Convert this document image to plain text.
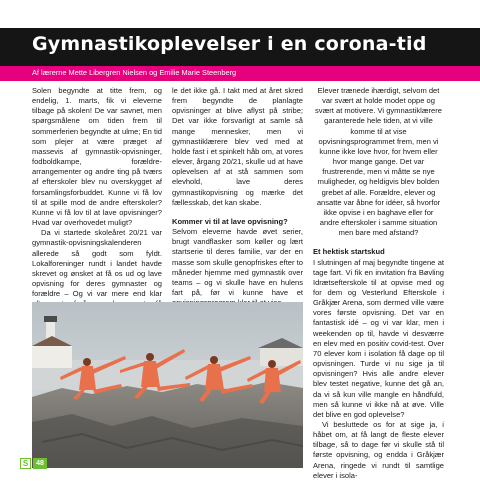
Gymnastikoplevelser i en corona-tid
Af lærerne Mette Libergren Nielsen og Emilie Marie Steenberg

Solen begyndte at titte frem, og endelig, 1. marts, fik vi eleverne tilbage på skolen! De var savnet, men spørgsmålene om tiden frem til sommerferien begyndte at ulme; En tid som plejer at være præget af massevis af gymnastik-opvisninger, fodboldkampe, forældre-arrangementer og andre ting på tværs af efterskoler blev nu overskygget af forsamlingsforbuddet. Kunne vi få lov til at spille mod de andre efterskoler? Kunne vi få lov til at lave opvisninger? Hvad var overhovedet muligt?

Da vi startede skoleåret 20/21 var gymnastik-opvisningskalenderen allerede så godt som fyldt. Lokalforeninger rundt i landet havde skrevet og ønsket at få os ud og lave opvisning for deres gymnaster og forældre – Og vi var mere end klar

le det ikke gå. I takt med at året skred frem begyndte de planlagte opvisninger at blive aflyst på stribe; Det var ikke forsvarligt at samle så mange mennesker, men vi gymnastiklærere blev ved med at holde fast i et spinkelt håb om, at vores elever, årgang 20/21, skulle ud at have oplevelsen af at stå sammen som elevhold, lave deres gymnastikopvisning og mærke det fællesskab, det kan skabe.

Kommer vi til at lave opvisning?

Selvom eleverne havde øvet serier, brugt vandflasker som køller og lært startserie til deres familie, var der en masse som skulle genopfriskes efter to måneder hjemme med gymnastik over teams – og vi skulle have en hulens fart på, før vi kunne have et

Elever trænede ihærdigt, selvom det var svært at holde modet oppe og svært at motivere. Vi gymnastiklærere garanterede hele tiden, at vi ville komme til at vise opvisningsprogrammet frem, men vi kunne ikke love hvor, for hvem eller hvor mange gange. Det var frustrerende, men vi måtte se nye muligheder, og heldigvis blev bolden grebet af alle. Forældre, elever og ansatte var åbne for idéer, så hvorfor ikke opvise i en baghave eller for andre efterskoler i samme situation men bare med afstand?

Et hektisk startskud

I slutningen af maj begyndte tingene at tage fart. Vi fik en invitation fra Bøvling Idrætsefterskole til at opvise med og for dem og Vesterlund Efterskole i Gråkjær Arena, som dermed ville være vores første opvisning. Det var en fantastisk idé – og vi var klar, men i weekenden op til, havde vi desværre en elev med en positiv covid-test. Over 70 elever kom i isolation få dage op til opvisningen. Turde vi nu sige ja til opvisningen? Hvis alle andre elever blev testet negative, kunne det gå an, da vi så kun ville mangle en håndfuld, men så kunne vi ikke nå at øve. Ville det blive en god oplevelse?

Vi besluttede os for at sige ja, i håbet om, at få langt de fleste elever tilbage, så to dage før vi skulle stå til første opvisning, og endda i Gråkjær Arena, ringede vi rundt til samtlige elever i isola-

S	48
